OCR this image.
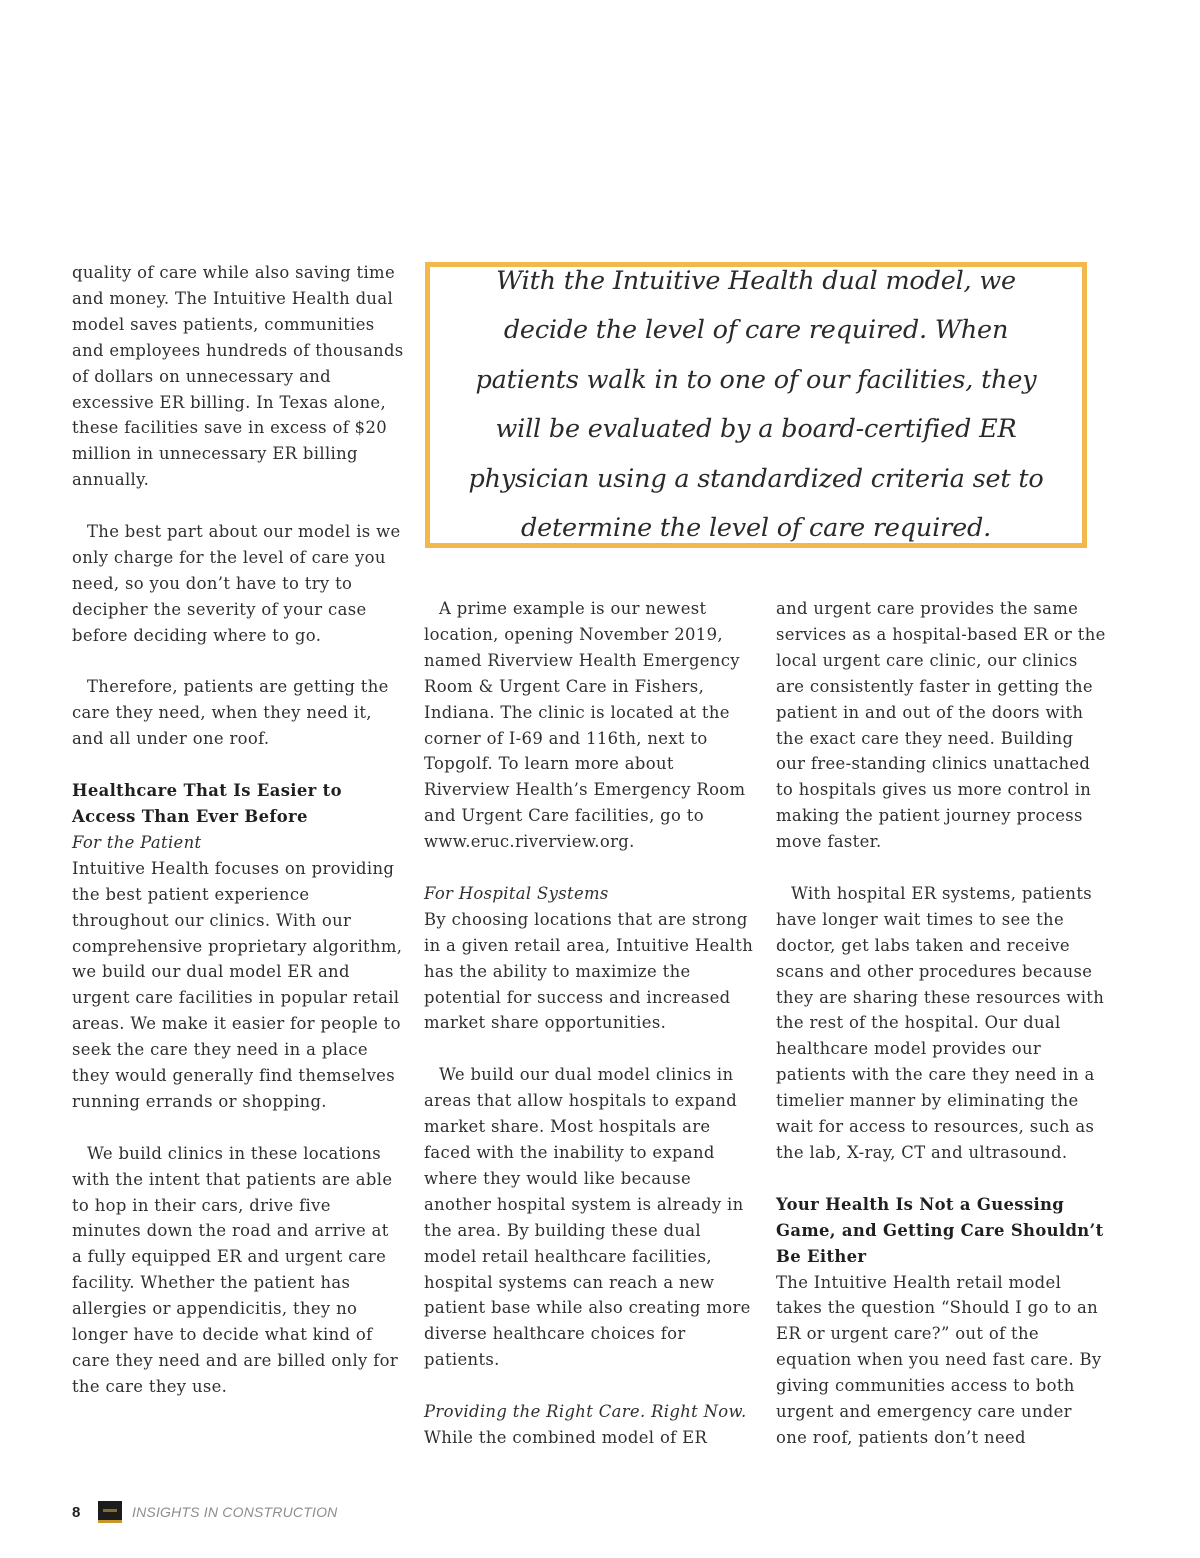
quality of care while also saving time and money. The Intuitive Health dual model saves patients, communities and employees hundreds of thousands of dollars on unnecessary and excessive ER billing. In Texas alone, these facilities save in excess of $20 million in unnecessary ER billing annually.

The best part about our model is we only charge for the level of care you need, so you don’t have to try to decipher the severity of your case before deciding where to go.

Therefore, patients are getting the care they need, when they need it, and all under one roof.

Healthcare That Is Easier to Access Than Ever Before
For the Patient

Intuitive Health focuses on providing the best patient experience throughout our clinics. With our comprehensive proprietary algorithm, we build our dual model ER and urgent care facilities in popular retail areas. We make it easier for people to seek the care they need in a place they would generally find themselves running errands or shopping.

We build clinics in these locations with the intent that patients are able to hop in their cars, drive five minutes down the road and arrive at a fully equipped ER and urgent care facility. Whether the patient has allergies or appendicitis, they no longer have to decide what kind of care they need and are billed only for the care they use.

With the Intuitive Health dual model, we decide the level of care required. When patients walk in to one of our facilities, they will be evaluated by a board-certified ER physician using a standardized criteria set to determine the level of care required.

A prime example is our newest location, opening November 2019, named Riverview Health Emergency Room & Urgent Care in Fishers, Indiana. The clinic is located at the corner of I-69 and 116th, next to Topgolf. To learn more about Riverview Health’s Emergency Room and Urgent Care facilities, go to www.eruc.riverview.org.

For Hospital Systems

By choosing locations that are strong in a given retail area, Intuitive Health has the ability to maximize the potential for success and increased market share opportunities.

We build our dual model clinics in areas that allow hospitals to expand market share. Most hospitals are faced with the inability to expand where they would like because another hospital system is already in the area. By building these dual model retail healthcare facilities, hospital systems can reach a new patient base while also creating more diverse healthcare choices for patients.

Providing the Right Care. Right Now.

While the combined model of ER

and urgent care provides the same services as a hospital-based ER or the local urgent care clinic, our clinics are consistently faster in getting the patient in and out of the doors with the exact care they need. Building our free-standing clinics unattached to hospitals gives us more control in making the patient journey process move faster.

With hospital ER systems, patients have longer wait times to see the doctor, get labs taken and receive scans and other procedures because they are sharing these resources with the rest of the hospital. Our dual healthcare model provides our patients with the care they need in a timelier manner by eliminating the wait for access to resources, such as the lab, X-ray, CT and ultrasound.

Your Health Is Not a Guessing Game, and Getting Care Shouldn’t Be Either

The Intuitive Health retail model takes the question “Should I go to an ER or urgent care?” out of the equation when you need fast care. By giving communities access to both urgent and emergency care under one roof, patients don’t need

8	INSIGHTS IN CONSTRUCTION
